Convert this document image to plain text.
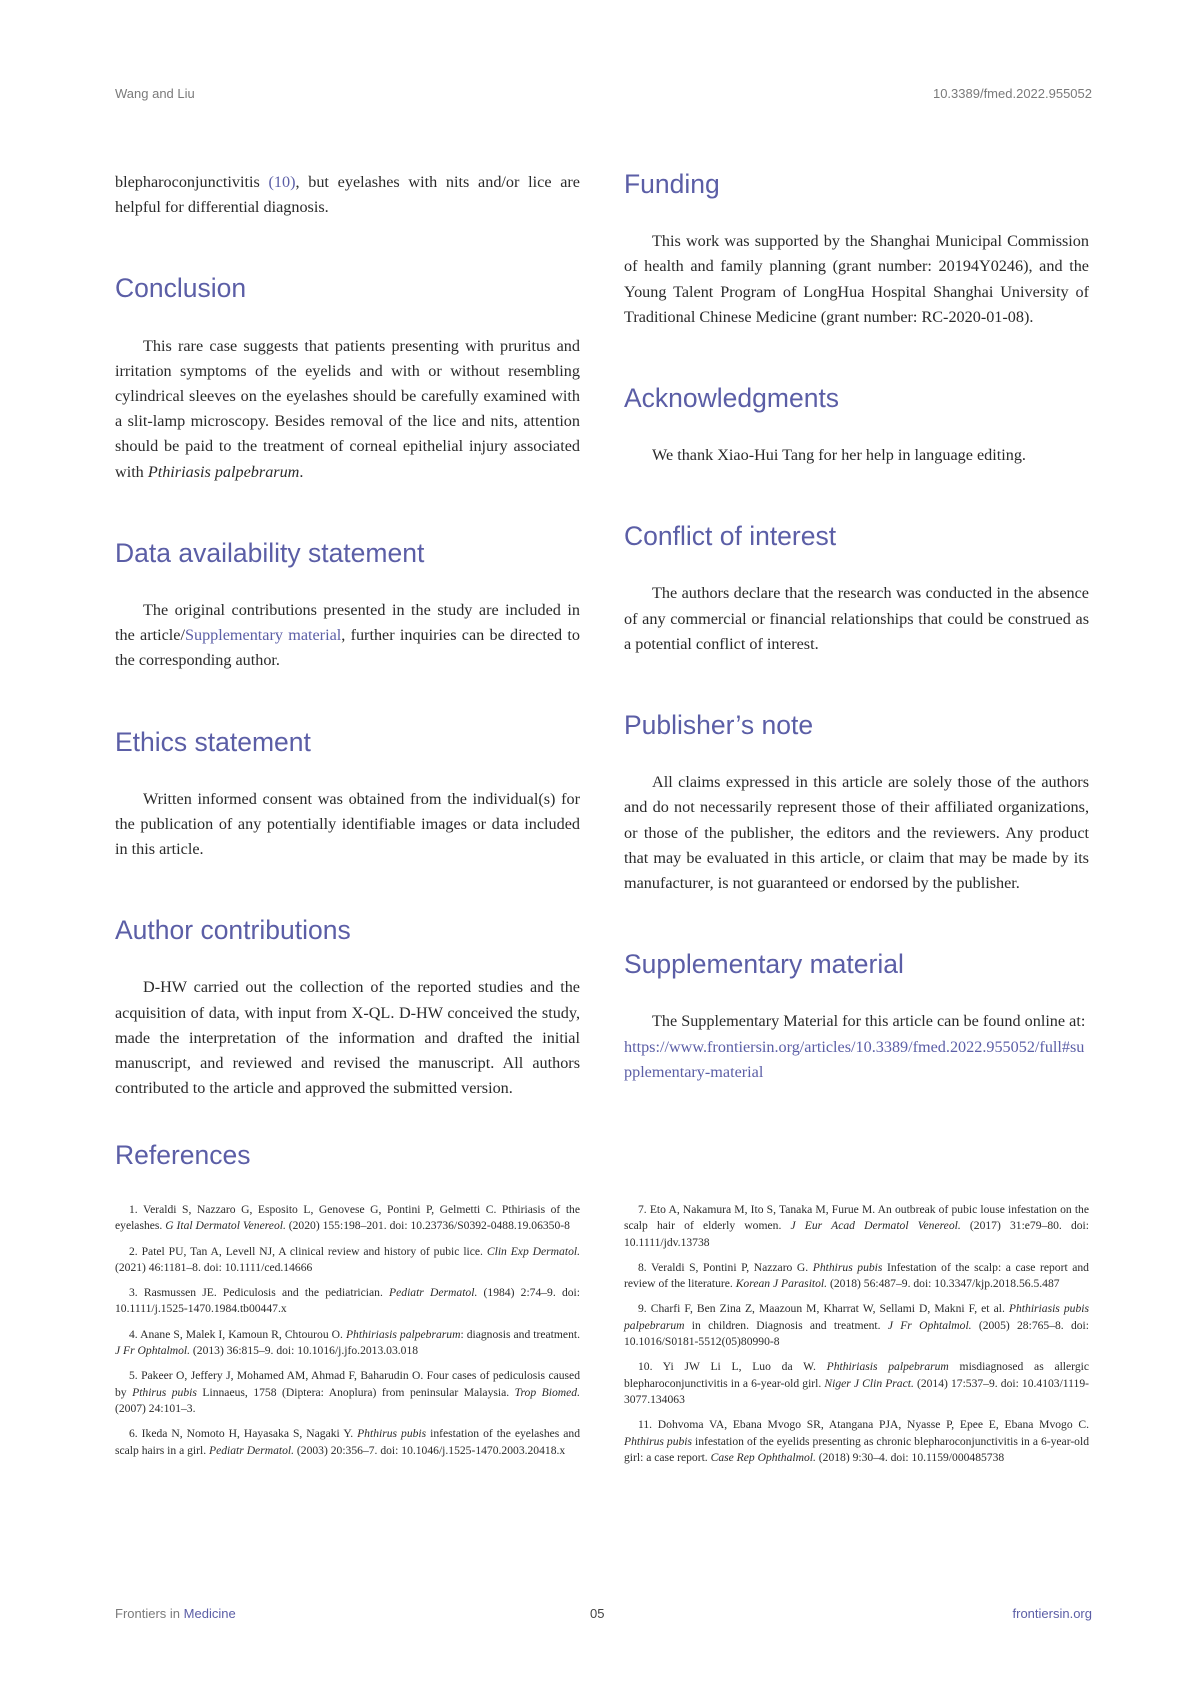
Wang and Liu	10.3389/fmed.2022.955052

blepharoconjunctivitis (10), but eyelashes with nits and/or lice are helpful for differential diagnosis.

Conclusion

This rare case suggests that patients presenting with pruritus and irritation symptoms of the eyelids and with or without resembling cylindrical sleeves on the eyelashes should be carefully examined with a slit-lamp microscopy. Besides removal of the lice and nits, attention should be paid to the treatment of corneal epithelial injury associated with Pthiriasis palpebrarum.

Data availability statement

The original contributions presented in the study are included in the article/Supplementary material, further inquiries can be directed to the corresponding author.

Ethics statement

Written informed consent was obtained from the individual(s) for the publication of any potentially identifiable images or data included in this article.

Author contributions

D-HW carried out the collection of the reported studies and the acquisition of data, with input from X-QL. D-HW conceived the study, made the interpretation of the information and drafted the initial manuscript, and reviewed and revised the manuscript. All authors contributed to the article and approved the submitted version.

Funding

This work was supported by the Shanghai Municipal Commission of health and family planning (grant number: 20194Y0246), and the Young Talent Program of LongHua Hospital Shanghai University of Traditional Chinese Medicine (grant number: RC-2020-01-08).

Acknowledgments

We thank Xiao-Hui Tang for her help in language editing.

Conflict of interest

The authors declare that the research was conducted in the absence of any commercial or financial relationships that could be construed as a potential conflict of interest.

Publisher’s note

All claims expressed in this article are solely those of the authors and do not necessarily represent those of their affiliated organizations, or those of the publisher, the editors and the reviewers. Any product that may be evaluated in this article, or claim that may be made by its manufacturer, is not guaranteed or endorsed by the publisher.

Supplementary material

The Supplementary Material for this article can be found online at: https://www.frontiersin.org/articles/10.3389/fmed.2022.955052/full#supplementary-material

References

1. Veraldi S, Nazzaro G, Esposito L, Genovese G, Pontini P, Gelmetti C. Pthiriasis of the eyelashes. G Ital Dermatol Venereol. (2020) 155:198–201. doi: 10.23736/S0392-0488.19.06350-8

2. Patel PU, Tan A, Levell NJ, A clinical review and history of pubic lice. Clin Exp Dermatol. (2021) 46:1181–8. doi: 10.1111/ced.14666

3. Rasmussen JE. Pediculosis and the pediatrician. Pediatr Dermatol. (1984) 2:74–9. doi: 10.1111/j.1525-1470.1984.tb00447.x

4. Anane S, Malek I, Kamoun R, Chtourou O. Phthiriasis palpebrarum: diagnosis and treatment. J Fr Ophtalmol. (2013) 36:815–9. doi: 10.1016/j.jfo.2013.03.018

5. Pakeer O, Jeffery J, Mohamed AM, Ahmad F, Baharudin O. Four cases of pediculosis caused by Pthirus pubis Linnaeus, 1758 (Diptera: Anoplura) from peninsular Malaysia. Trop Biomed. (2007) 24:101–3.

6. Ikeda N, Nomoto H, Hayasaka S, Nagaki Y. Phthirus pubis infestation of the eyelashes and scalp hairs in a girl. Pediatr Dermatol. (2003) 20:356–7. doi: 10.1046/j.1525-1470.2003.20418.x

7. Eto A, Nakamura M, Ito S, Tanaka M, Furue M. An outbreak of pubic louse infestation on the scalp hair of elderly women. J Eur Acad Dermatol Venereol. (2017) 31:e79–80. doi: 10.1111/jdv.13738

8. Veraldi S, Pontini P, Nazzaro G. Phthirus pubis Infestation of the scalp: a case report and review of the literature. Korean J Parasitol. (2018) 56:487–9. doi: 10.3347/kjp.2018.56.5.487

9. Charfi F, Ben Zina Z, Maazoun M, Kharrat W, Sellami D, Makni F, et al. Phthiriasis pubis palpebrarum in children. Diagnosis and treatment. J Fr Ophtalmol. (2005) 28:765–8. doi: 10.1016/S0181-5512(05)80990-8

10. Yi JW Li L, Luo da W. Phthiriasis palpebrarum misdiagnosed as allergic blepharoconjunctivitis in a 6-year-old girl. Niger J Clin Pract. (2014) 17:537–9. doi: 10.4103/1119-3077.134063

11. Dohvoma VA, Ebana Mvogo SR, Atangana PJA, Nyasse P, Epee E, Ebana Mvogo C. Phthirus pubis infestation of the eyelids presenting as chronic blepharoconjunctivitis in a 6-year-old girl: a case report. Case Rep Ophthalmol. (2018) 9:30–4. doi: 10.1159/000485738

Frontiers in Medicine	05	frontiersin.org
